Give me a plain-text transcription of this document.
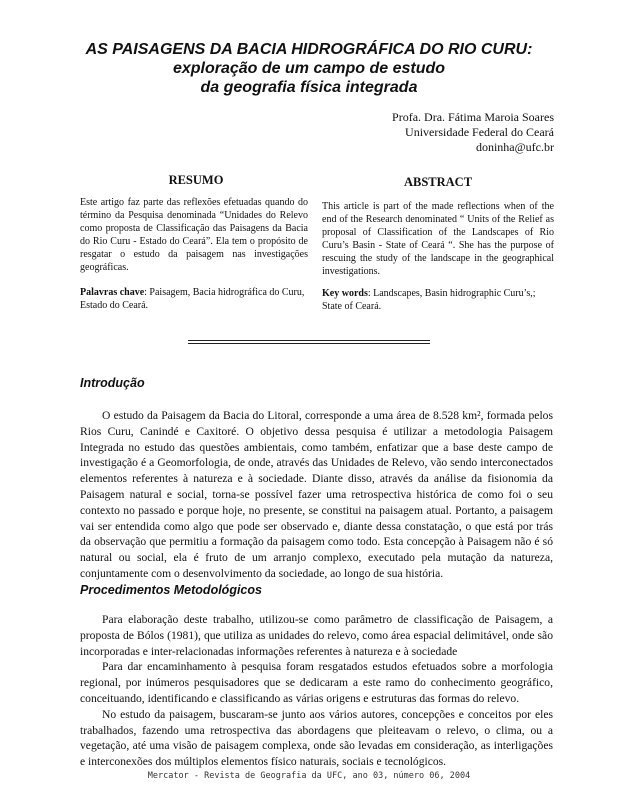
AS PAISAGENS DA BACIA HIDROGRÁFICA DO RIO CURU:
exploração de um campo de estudo
da geografia física integrada
Profa. Dra. Fátima Maroia Soares
Universidade Federal do Ceará
doninha@ufc.br
RESUMO	ABSTRACT
Este artigo faz parte das reflexões efetuadas quando do término da Pesquisa denominada “Unidades do Relevo como proposta de Classificação das Paisagens da Bacia do Rio Curu - Estado do Ceará”. Ela tem o propósito de resgatar o estudo da paisagem nas investigações geográficas.
This article is part of the made reflections when of the end of the Research denominated “ Units of the Relief as proposal of Classification of the Landscapes of Rio Curu’s Basin - State of Ceará “. She has the purpose of rescuing the study of the landscape in the geographical investigations.
Palavras chave: Paisagem, Bacia hidrográfica do Curu, Estado do Ceará.
Key words: Landscapes, Basin hidrographic Curu’s,; State of Ceará.
Introdução

O estudo da Paisagem da Bacia do Litoral, corresponde a uma área de 8.528 km², formada pelos Rios Curu, Canindé e Caxitoré. O objetivo dessa pesquisa é utilizar a metodologia Paisagem Integrada no estudo das questões ambientais, como também, enfatizar que a base deste campo de investigação é a Geomorfologia, de onde, através das Unidades de Relevo, vão sendo interconectados elementos referentes à natureza e à sociedade. Diante disso, através da análise da fisionomia da Paisagem natural e social, torna-se possível fazer uma retrospectiva histórica de como foi o seu contexto no passado e porque hoje, no presente, se constitui na paisagem atual. Portanto, a paisagem vai ser entendida como algo que pode ser observado e, diante dessa constatação, o que está por trás da observação que permitiu a formação da paisagem como todo. Esta concepção à Paisagem não é só natural ou social, ela é fruto de um arranjo complexo, executado pela mutação da natureza, conjuntamente com o desenvolvimento da sociedade, ao longo de sua história.

Procedimentos Metodológicos

Para elaboração deste trabalho, utilizou-se como parâmetro de classificação de Paisagem, a proposta de Bólos (1981), que utiliza as unidades do relevo, como área espacial delimitável, onde são incorporadas e inter-relacionadas informações referentes à natureza e à sociedade

Para dar encaminhamento à pesquisa foram resgatados estudos efetuados sobre a morfologia regional, por inúmeros pesquisadores que se dedicaram a este ramo do conhecimento geográfico, conceituando, identificando e classificando as várias origens e estruturas das formas do relevo.

No estudo da paisagem, buscaram-se junto aos vários autores, concepções e conceitos por eles trabalhados, fazendo uma retrospectiva das abordagens que pleiteavam o relevo, o clima, ou a vegetação, até uma visão de paisagem complexa, onde são levadas em consideração, as interligações e interconexões dos múltiplos elementos físico naturais, sociais e tecnológicos.

Mercator - Revista de Geografia da UFC, ano 03, número 06, 2004
